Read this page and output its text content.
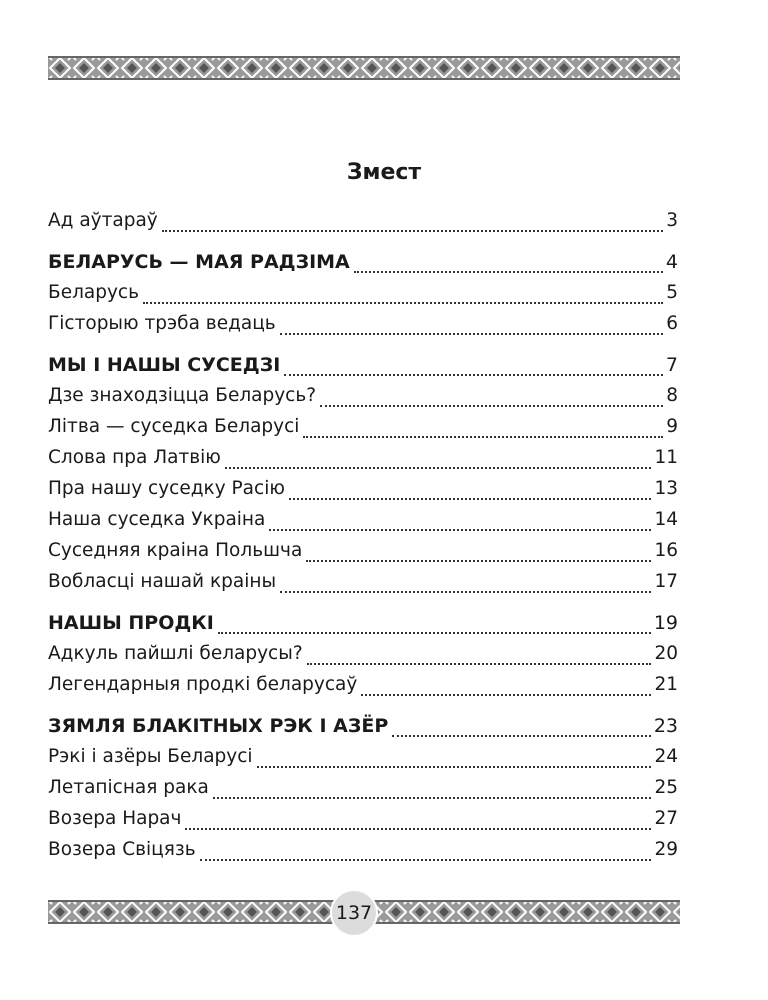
Змест
Ад аўтараў	3
БЕЛАРУСЬ — МАЯ РАДЗІМА	4
Беларусь	5
Гісторыю трэба ведаць	6
МЫ І НАШЫ СУСЕДЗІ	7
Дзе знаходзіцца Беларусь?	8
Літва — суседка Беларусі	9
Слова пра Латвію	11
Пра нашу суседку Расію	13
Наша суседка Украіна	14
Суседняя краіна Польшча	16
Вобласці нашай краіны	17
НАШЫ ПРОДКІ	19
Адкуль пайшлі беларусы?	20
Легендарныя продкі беларусаў	21
ЗЯМЛЯ БЛАКІТНЫХ РЭК І АЗЁР	23
Рэкі і азёры Беларусі	24
Летапісная рака	25
Возера Нарач	27
Возера Свіцязь	29
137
